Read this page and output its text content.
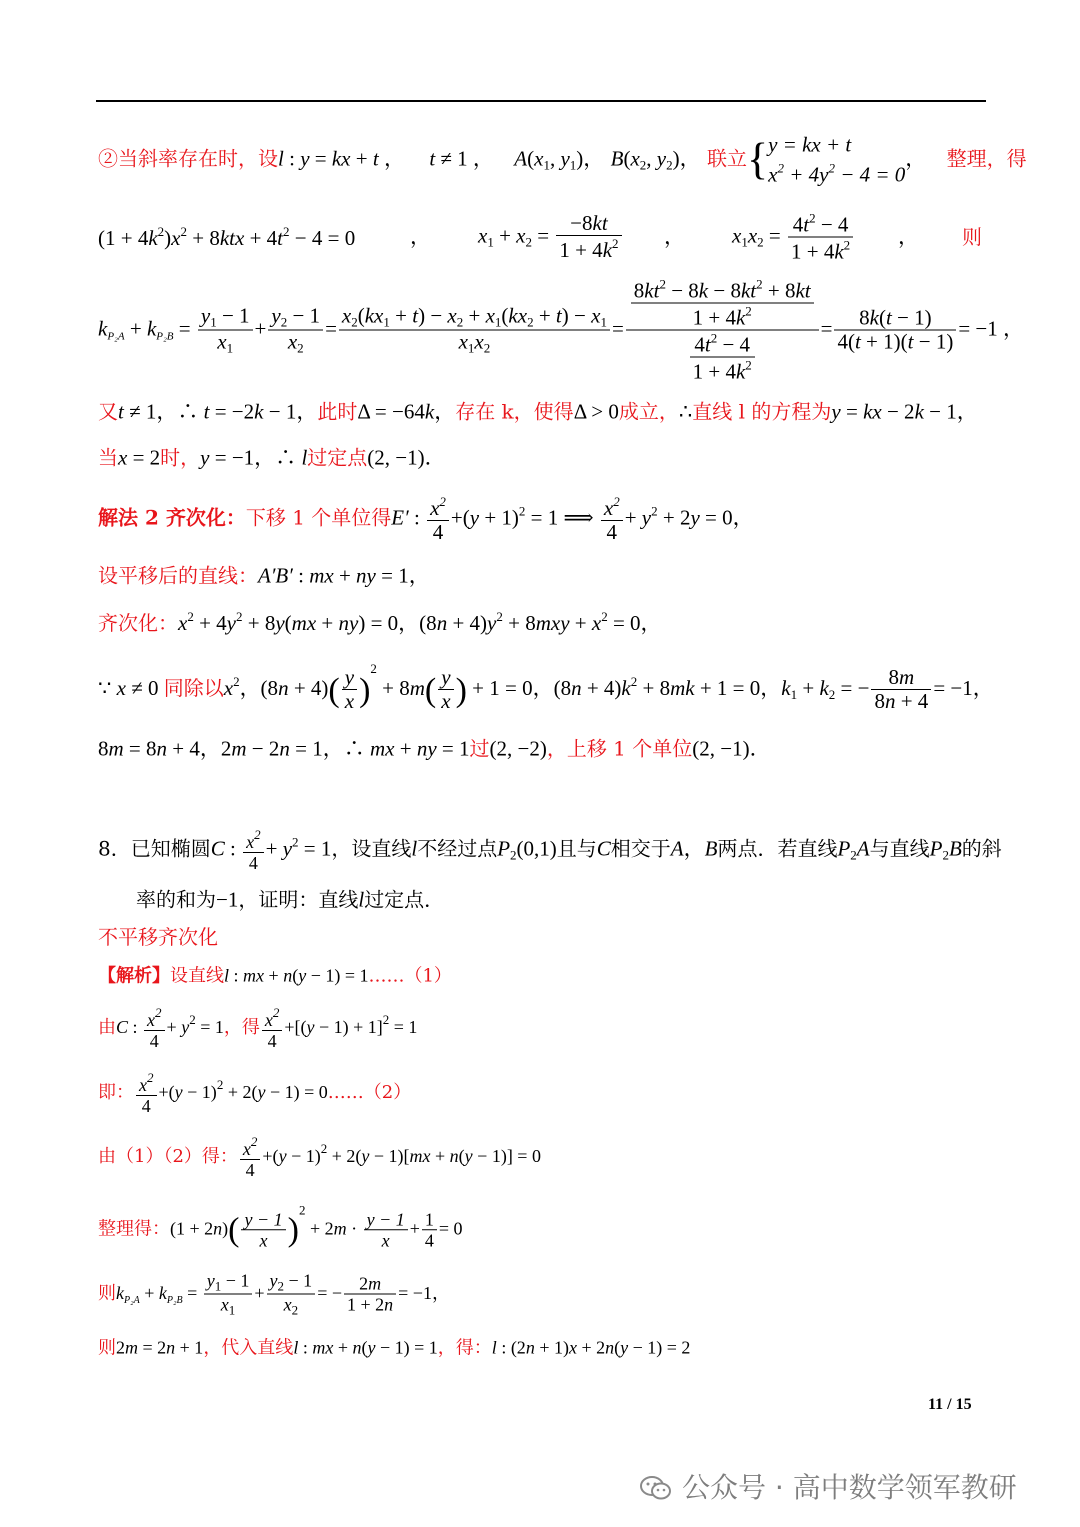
②当斜率存在时，设l : y = kx + t ， t ≠ 1 ， $A(x_1$, $y_1$)， $B(x_2$, $y_2$)， 联立{ y = kx + t
$x^2 + 4y^2 - 4 = 0$
， 整理，得
$(1 + 4k^2)x^2 + 8ktx + 4t^2 - 4 = 0$	， $x_1 + x_2 = \frac{-8kt}{1 + 4k^2}$ ， $x_1x_2 = \frac{4t^2 - 4}{1 + 4k^2}$ ， 则
$k_{P_2A} + k_{P_2B} = \frac{y_1 - 1}{x_1} + \frac{y_2 - 1}{x_2} = \frac{x_2(kx_1 + t) - x_2 + x_1(kx_2 + t) - x_1}{x_1x_2} = \frac{\frac{8kt^2 - 8k - 8kt^2 + 8kt}{1 + 4k^2}}{\frac{4t^2 - 4}{1 + 4k^2}} = \frac{8k(t - 1)}{4(t + 1)(t - 1)} = -1$ ，
又t ≠ 1，∴ t = −2k − 1，此时Δ = −64k，存在 k，使得Δ > 0成立，∴直线 l 的方程为y = kx − 2k − 1，
当x = 2时，y = −1，∴ l过定点(2, −1)．
解法 2 齐次化：下移 1 个单位得E′ : $\frac{x^2}{4} +(y + 1)^2 = 1$ ⟹ $\frac{x^2}{4} + y^2 + 2y = 0$，
设平移后的直线：A′B′ : mx + ny = 1，
齐次化：$x^2 + 4y^2 + 8y(mx + ny) = 0$，$(8n + 4)y^2 + 8mxy + x^2 = 0$，
∵ x ≠ 0 同除以$x^2$，$(8n + 4)( \frac{y}{x} )^2 + 8m( \frac{y}{x}$ ) + 1 = 0，$(8n + 4)k^2 + 8mk + 1 = 0$，$k_1 + k_2$ = − $\frac{8m}{8n + 4} = -1$，
8m = 8n + 4，2m − 2n = 1，∴ mx + ny = 1过(2, −2)，上移 1 个单位(2, −1)．
8．已知椭圆C : $\frac{x^2}{4} + y^2 = 1$，设直线l不经过点$P_2(0,1)$且与C相交于A，B两点．若直线$P_2A$与直线$P_2B$的斜
率的和为−1，证明：直线l过定点．
不平移齐次化
【解析】设直线l : mx + n(y − 1) = 1……（1）
由C : $\frac{x^2}{4} + y^2 = 1$，得 $\frac{x^2}{4} +[(y - 1) + 1]^2 = 1$
即： $\frac{x^2}{4} +(y - 1)^2 + 2(y - 1)$ = 0……（2）
由（1）（2）得： $\frac{x^2}{4} +(y - 1)^2 + 2(y - 1)[mx + n(y - 1)] = 0$
整理得：$(1 + 2n)( \frac{y - 1}{x} )^2 + 2m \cdot \frac{y - 1}{x} + \frac{1}{4} = 0$
则$k_{P_2A} + k_{P_2B} = \frac{y_1 - 1}{x_1} + \frac{y_2 - 1}{x_2}$ = − $\frac{2m}{1 + 2n} = -1$，
则2m = 2n + 1，代入直线l : mx + n(y − 1) = 1，得：l : (2n + 1)x + 2n(y − 1) = 2
11 / 15
公众号 · 高中数学领军教研
